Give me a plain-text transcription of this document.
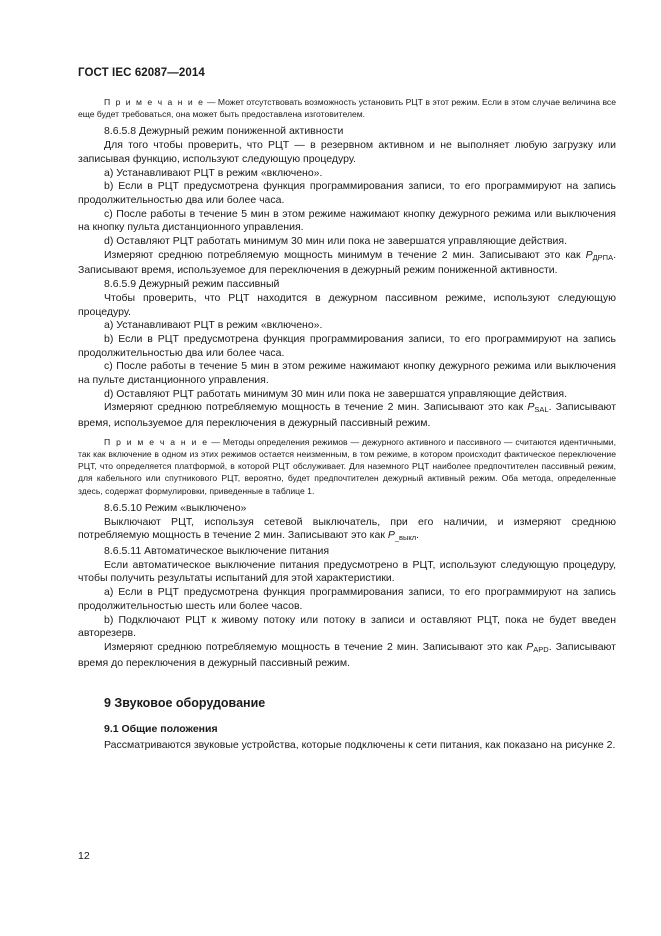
ГОСТ IEC 62087—2014

П р и м е ч а н и е — Может отсутствовать возможность установить РЦТ в этот режим. Если в этом случае величина все еще будет требоваться, она может быть предоставлена изготовителем.

8.6.5.8 Дежурный режим пониженной активности

Для того чтобы проверить, что РЦТ — в резервном активном и не выполняет любую загрузку или записывая функцию, используют следующую процедуру.

а) Устанавливают РЦТ в режим «включено».

b) Если в РЦТ предусмотрена функция программирования записи, то его программируют на запись продолжительностью два или более часа.

с) После работы в течение 5 мин в этом режиме нажимают кнопку дежурного режима или выключения на кнопку пульта дистанционного управления.

d) Оставляют РЦТ работать минимум 30 мин или пока не завершатся управляющие действия.

Измеряют среднюю потребляемую мощность минимум в течение 2 мин. Записывают это как $P_{ДРПА}$. Записывают время, используемое для переключения в дежурный режим пониженной активности.

8.6.5.9 Дежурный режим пассивный

Чтобы проверить, что РЦТ находится в дежурном пассивном режиме, используют следующую процедуру.

а) Устанавливают РЦТ в режим «включено».

b) Если в РЦТ предусмотрена функция программирования записи, то его программируют на запись продолжительностью два или более часа.

с) После работы в течение 5 мин в этом режиме нажимают кнопку дежурного режима или выключения на пульте дистанционного управления.

d) Оставляют РЦТ работать минимум 30 мин или пока не завершатся управляющие действия.

Измеряют среднюю потребляемую мощность в течение 2 мин. Записывают это как $P_{SAL}$. Записывают время, используемое для переключения в дежурный пассивный режим.

П р и м е ч а н и е — Методы определения режимов — дежурного активного и пассивного — считаются идентичными, так как включение в одном из этих режимов остается неизменным, в том режиме, в котором происходит фактическое переключение РЦТ, что определяется платформой, в которой РЦТ обслуживает. Для наземного РЦТ наиболее предпочтителен пассивный режим, для кабельного или спутникового РЦТ, вероятно, будет предпочтителен дежурный активный режим. Оба метода, определенные здесь, содержат формулировки, приведенные в таблице 1.

8.6.5.10 Режим «выключено»

Выключают РЦТ, используя сетевой выключатель, при его наличии, и измеряют среднюю потребляемую мощность в течение 2 мин. Записывают это как $P_{\_выкл}$.

8.6.5.11 Автоматическое выключение питания

Если автоматическое выключение питания предусмотрено в РЦТ, используют следующую процедуру, чтобы получить результаты испытаний для этой характеристики.

а) Если в РЦТ предусмотрена функция программирования записи, то его программируют на запись продолжительностью шесть или более часов.

b) Подключают РЦТ к живому потоку или потоку в записи и оставляют РЦТ, пока не будет введен авторезерв.

Измеряют среднюю потребляемую мощность в течение 2 мин. Записывают это как $P_{APD}$. Записывают время до переключения в дежурный пассивный режим.

9 Звуковое оборудование
9.1 Общие положения

Рассматриваются звуковые устройства, которые подключены к сети питания, как показано на рисунке 2.

12
